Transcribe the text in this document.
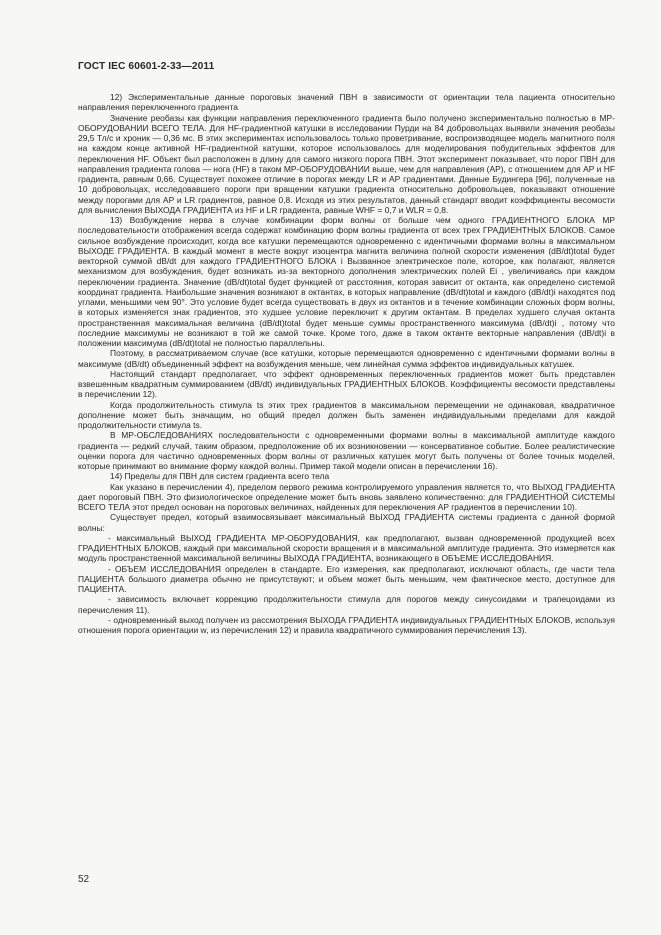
ГОСТ IEC 60601-2-33—2011

12) Экспериментальные данные пороговых значений ПВН в зависимости от ориентации тела пациента относительно направления переключенного градиента

Значение реобазы как функции направления переключенного градиента было получено экспериментально полностью в МР-ОБОРУДОВАНИИ ВСЕГО ТЕЛА. Для HF-градиентной катушки в исследовании Пурди на 84 добровольцах выявили значения реобазы 29,5 Тл/с и хроник — 0,36 мс. В этих экспериментах использовалось только проветривание, воспроизводящее модель магнитного поля на каждом конце активной HF-градиентной катушки, которое использовалось для моделирования побудительных эффектов для переключения HF. Объект был расположен в длину для самого низкого порога ПВН. Этот эксперимент показывает, что порог ПВН для направления градиента голова — нога (HF) в таком МР-ОБОРУДОВАНИИ выше, чем для направления (AP), с отношением для AP и HF градиента, равным 0,66. Существует похожее отличие в порогах между LR и AP градиентами. Данные Будингера [96], полученные на 10 добровольцах, исследовавшего пороги при вращении катушки градиента относительно добровольцев, показывают отношение между порогами для AP и LR градиентов, равное 0,8. Исходя из этих результатов, данный стандарт вводит коэффициенты весомости для вычисления ВЫХОДА ГРАДИЕНТА из HF и LR градиента, равные WHF = 0,7 и WLR = 0,8.

13) Возбуждение нерва в случае комбинации форм волны от больше чем одного ГРАДИЕНТНОГО БЛОКА МР последовательности отображения всегда содержат комбинацию форм волны градиента от всех трех ГРАДИЕНТНЫХ БЛОКОВ. Самое сильное возбуждение происходит, когда все катушки перемещаются одновременно с идентичными формами волны в максимальном ВЫХОДЕ ГРАДИЕНТА. В каждый момент в месте вокруг изоцентра магнита величина полной скорости изменения (dB/dt)total будет векторной суммой dB/dt для каждого ГРАДИЕНТНОГО БЛОКА i Вызванное электрическое поле, которое, как полагают, является механизмом для возбуждения, будет возникать из-за векторного дополнения электрических полей Ei , увеличиваясь при каждом переключении градиента. Значение (dB/dt)total будет функцией от расстояния, которая зависит от октанта, как определено системой координат градиента. Наибольшие значения возникают в октантах, в которых направление (dB/dt)total и каждого (dB/dt)i находятся под углами, меньшими чем 90°. Это условие будет всегда существовать в двух из октантов и в течение комбинации сложных форм волны, в которых изменяется знак градиентов, это худшее условие переключит к другим октантам. В пределах худшего случая октанта пространственная максимальная величина (dB/dt)total будет меньше суммы пространственного максимума (dB/dt)i , потому что последние максимумы не возникают в той же самой точке. Кроме того, даже в таком октанте векторные направления (dB/dt)i в положении максимума (dB/dt)total не полностью параллельны.

Поэтому, в рассматриваемом случае (все катушки, которые перемещаются одновременно с идентичными формами волны в максимуме (dB/dt) объединенный эффект на возбуждения меньше, чем линейная сумма эффектов индивидуальных катушек.

Настоящий стандарт предполагает, что эффект одновременных переключенных градиентов может быть представлен взвешенным квадратным суммированием (dB/dt) индивидуальных ГРАДИЕНТНЫХ БЛОКОВ. Коэффициенты весомости представлены в перечислении 12).

Когда продолжительность стимула ts этих трех градиентов в максимальном перемещении не одинаковая, квадратичное дополнение может быть значащим, но общий предел должен быть заменен индивидуальными пределами для каждой продолжительности стимула ts.

В МР-ОБСЛЕДОВАНИЯХ последовательности с одновременными формами волны в максимальной амплитуде каждого градиента — редкий случай, таким образом, предположение об их возникновении — консервативное событие. Более реалистические оценки порога для частично одновременных форм волны от различных катушек могут быть получены от более точных моделей, которые принимают во внимание форму каждой волны. Пример такой модели описан в перечислении 16).

14) Пределы для ПВН для систем градиента всего тела

Как указано в перечислении 4), пределом первого режима контролируемого управления является то, что ВЫХОД ГРАДИЕНТА дает пороговый ПВН. Это физиологическое определение может быть вновь заявлено количественно: для ГРАДИЕНТНОЙ СИСТЕМЫ ВСЕГО ТЕЛА этот предел основан на пороговых величинах, найденных для переключения AP градиентов в перечислении 10).

Существует предел, который взаимосвязывает максимальный ВЫХОД ГРАДИЕНТА системы градиента с данной формой волны:

- максимальный ВЫХОД ГРАДИЕНТА МР-ОБОРУДОВАНИЯ, как предполагают, вызван одновременной продукцией всех ГРАДИЕНТНЫХ БЛОКОВ, каждый при максимальной скорости вращения и в максимальной амплитуде градиента. Это измеряется как модуль пространственной максимальной величины ВЫХОДА ГРАДИЕНТА, возникающего в ОБЪЕМЕ ИССЛЕДОВАНИЯ.

- ОБЪЕМ ИССЛЕДОВАНИЯ определен в стандарте. Его измерения, как предполагают, исключают область, где части тела ПАЦИЕНТА большого диаметра обычно не присутствуют; и объем может быть меньшим, чем фактическое место, доступное для ПАЦИЕНТА.

- зависимость включает коррекцию продолжительности стимула для порогов между синусоидами и трапецоидами из перечисления 11).

- одновременный выход получен из рассмотрения ВЫХОДА ГРАДИЕНТА индивидуальных ГРАДИЕНТНЫХ БЛОКОВ, используя отношения порога ориентации w, из перечисления 12) и правила квадратичного суммирования перечисления 13).

52
